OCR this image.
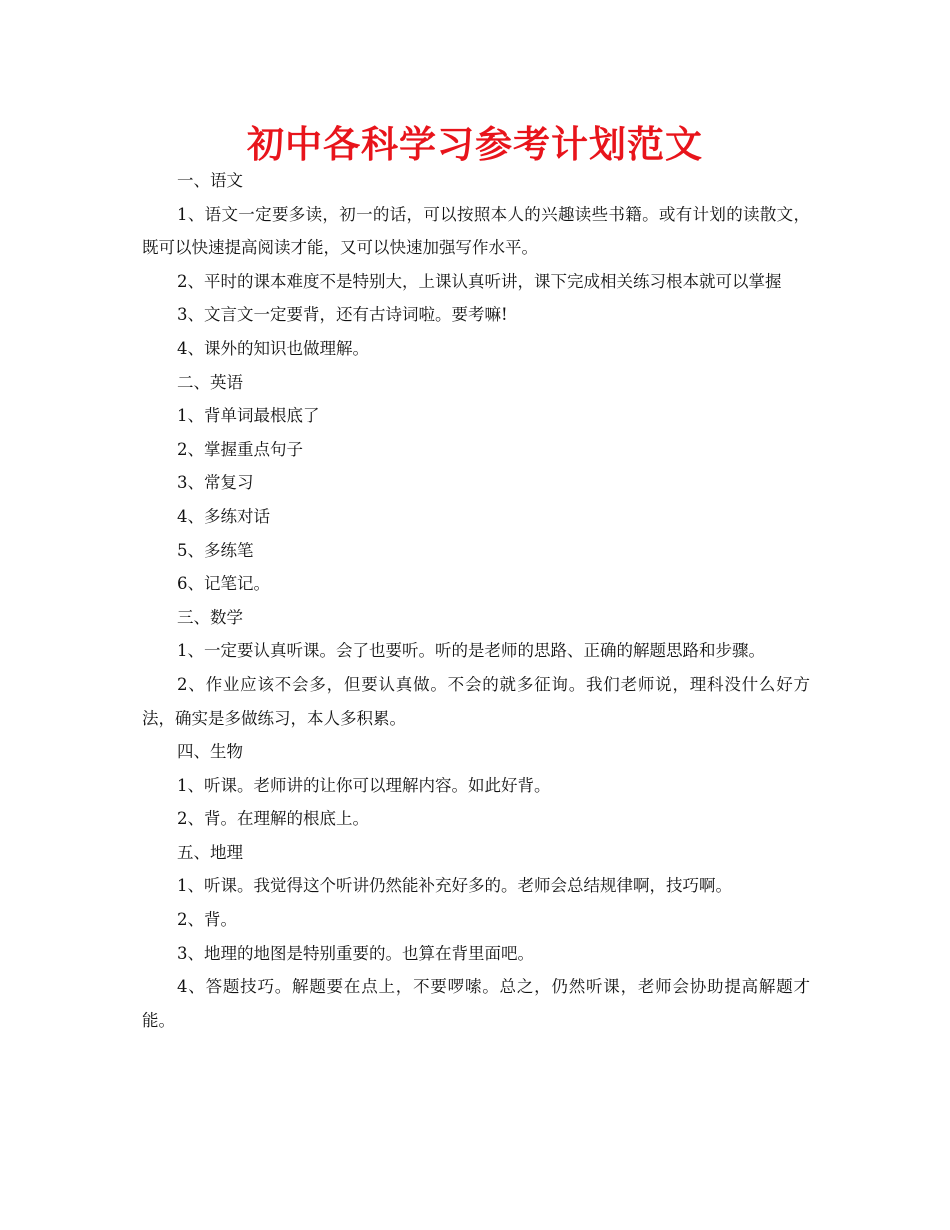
初中各科学习参考计划范文

一、语文

1、语文一定要多读，初一的话，可以按照本人的兴趣读些书籍。或有计划的读散文，既可以快速提高阅读才能，又可以快速加强写作水平。

2、平时的课本难度不是特别大，上课认真听讲，课下完成相关练习根本就可以掌握

3、文言文一定要背，还有古诗词啦。要考嘛!

4、课外的知识也做理解。

二、英语

1、背单词最根底了

2、掌握重点句子

3、常复习

4、多练对话

5、多练笔

6、记笔记。

三、数学

1、一定要认真听课。会了也要听。听的是老师的思路、正确的解题思路和步骤。

2、作业应该不会多，但要认真做。不会的就多征询。我们老师说，理科没什么好方法，确实是多做练习，本人多积累。

四、生物

1、听课。老师讲的让你可以理解内容。如此好背。

2、背。在理解的根底上。

五、地理

1、听课。我觉得这个听讲仍然能补充好多的。老师会总结规律啊，技巧啊。

2、背。

3、地理的地图是特别重要的。也算在背里面吧。

4、答题技巧。解题要在点上，不要啰嗦。总之，仍然听课，老师会协助提高解题才能。
